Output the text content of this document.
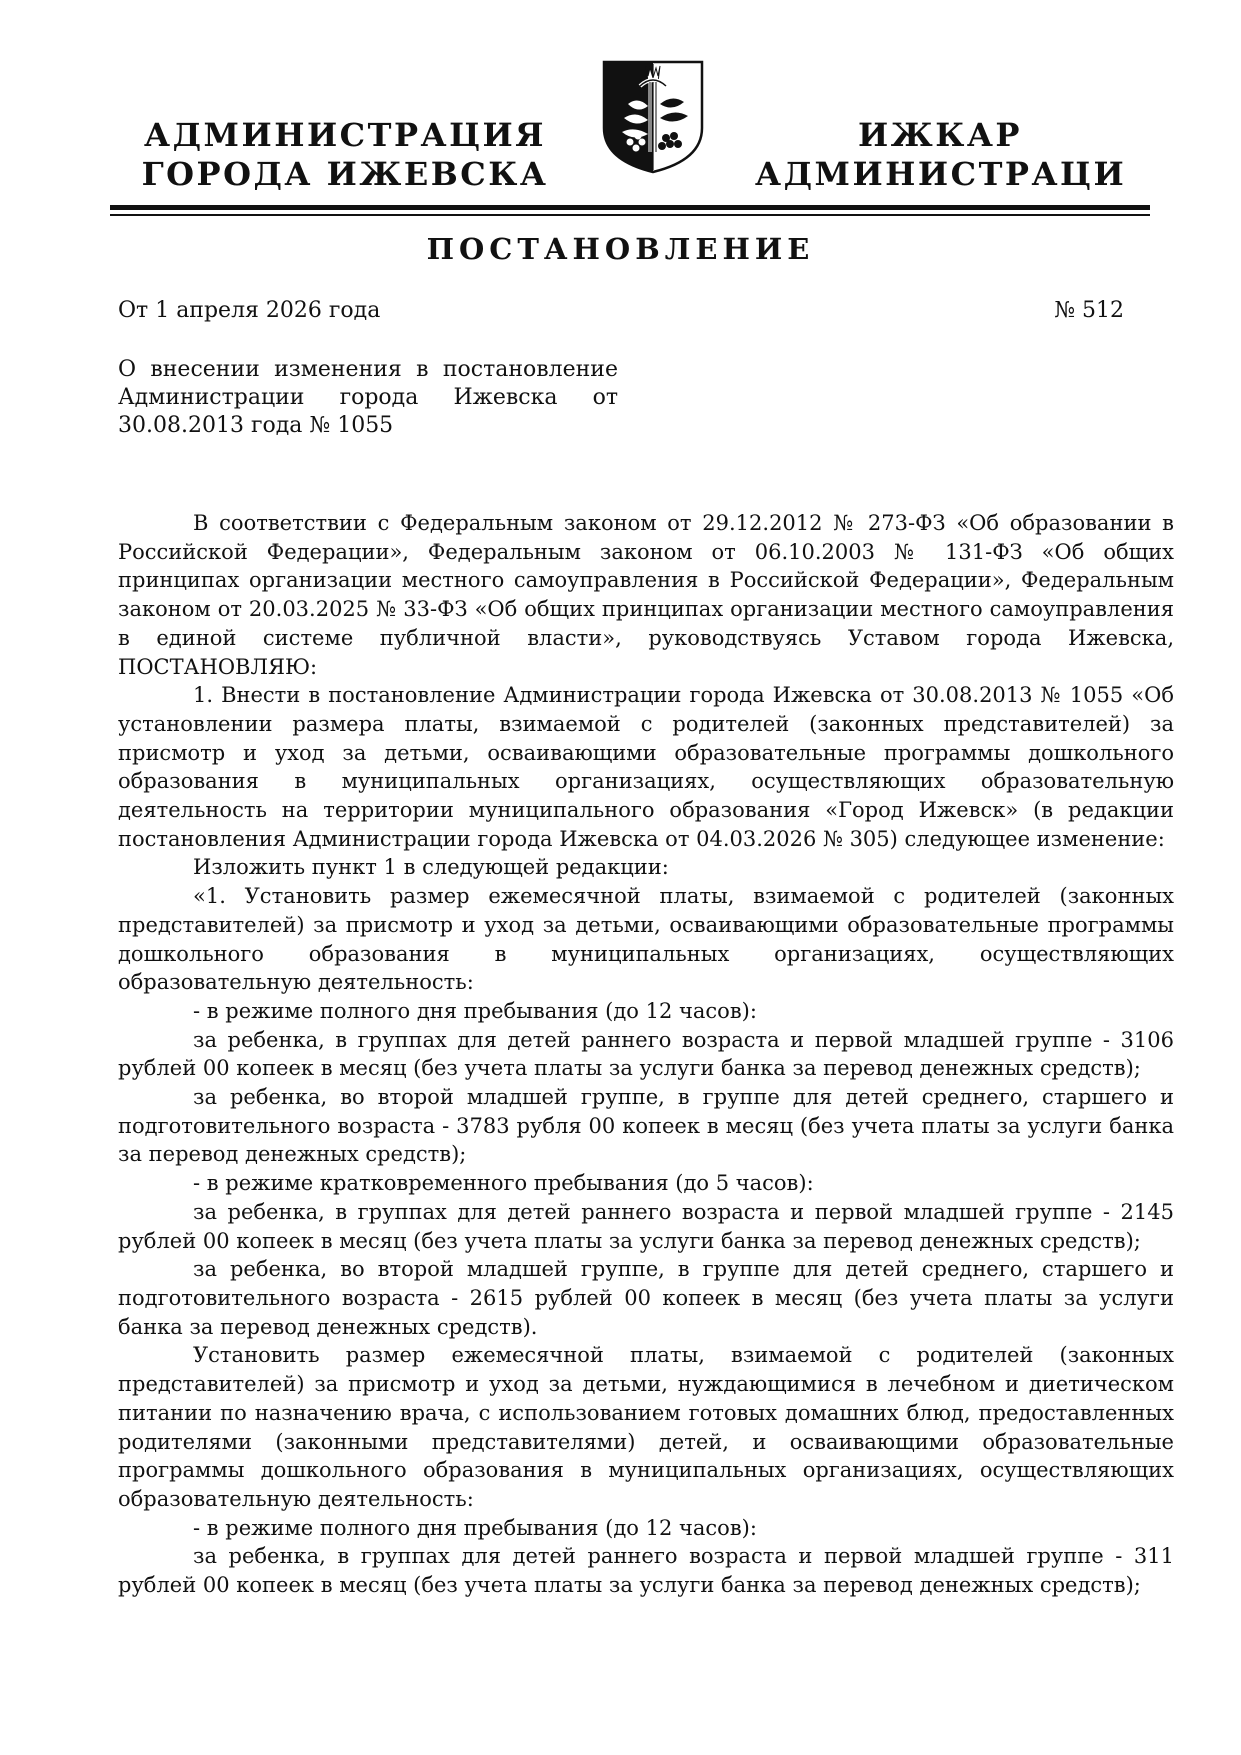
АДМИНИСТРАЦИЯ
ГОРОДА ИЖЕВСКА
ИЖКАР
АДМИНИСТРАЦИ
ПОСТАНОВЛЕНИЕ
От 1 апреля 2026 года	№ 512
О внесении изменения в постановление Администрации города Ижевска от 30.08.2013 года № 1055

В соответствии с Федеральным законом от 29.12.2012 № 273-ФЗ «Об образовании в Российской Федерации», Федеральным законом от 06.10.2003 № 131-ФЗ «Об общих принципах организации местного самоуправления в Российской Федерации», Федеральным законом от 20.03.2025 № 33-ФЗ «Об общих принципах организации местного самоуправления в единой системе публичной власти», руководствуясь Уставом города Ижевска, ПОСТАНОВЛЯЮ:

1. Внести в постановление Администрации города Ижевска от 30.08.2013 № 1055 «Об установлении размера платы, взимаемой с родителей (законных представителей) за присмотр и уход за детьми, осваивающими образовательные программы дошкольного образования в муниципальных организациях, осуществляющих образовательную деятельность на территории муниципального образования «Город Ижевск» (в редакции постановления Администрации города Ижевска от 04.03.2026 № 305) следующее изменение:

Изложить пункт 1 в следующей редакции:

«1. Установить размер ежемесячной платы, взимаемой с родителей (законных представителей) за присмотр и уход за детьми, осваивающими образовательные программы дошкольного образования в муниципальных организациях, осуществляющих образовательную деятельность:

- в режиме полного дня пребывания (до 12 часов):

за ребенка, в группах для детей раннего возраста и первой младшей группе - 3106 рублей 00 копеек в месяц (без учета платы за услуги банка за перевод денежных средств);

за ребенка, во второй младшей группе, в группе для детей среднего, старшего и подготовительного возраста - 3783 рубля 00 копеек в месяц (без учета платы за услуги банка за перевод денежных средств);

- в режиме кратковременного пребывания (до 5 часов):

за ребенка, в группах для детей раннего возраста и первой младшей группе - 2145 рублей 00 копеек в месяц (без учета платы за услуги банка за перевод денежных средств);

за ребенка, во второй младшей группе, в группе для детей среднего, старшего и подготовительного возраста - 2615 рублей 00 копеек в месяц (без учета платы за услуги банка за перевод денежных средств).

Установить размер ежемесячной платы, взимаемой с родителей (законных представителей) за присмотр и уход за детьми, нуждающимися в лечебном и диетическом питании по назначению врача, с использованием готовых домашних блюд, предоставленных родителями (законными представителями) детей, и осваивающими образовательные программы дошкольного образования в муниципальных организациях, осуществляющих образовательную деятельность:

- в режиме полного дня пребывания (до 12 часов):

за ребенка, в группах для детей раннего возраста и первой младшей группе - 311 рублей 00 копеек в месяц (без учета платы за услуги банка за перевод денежных средств);
